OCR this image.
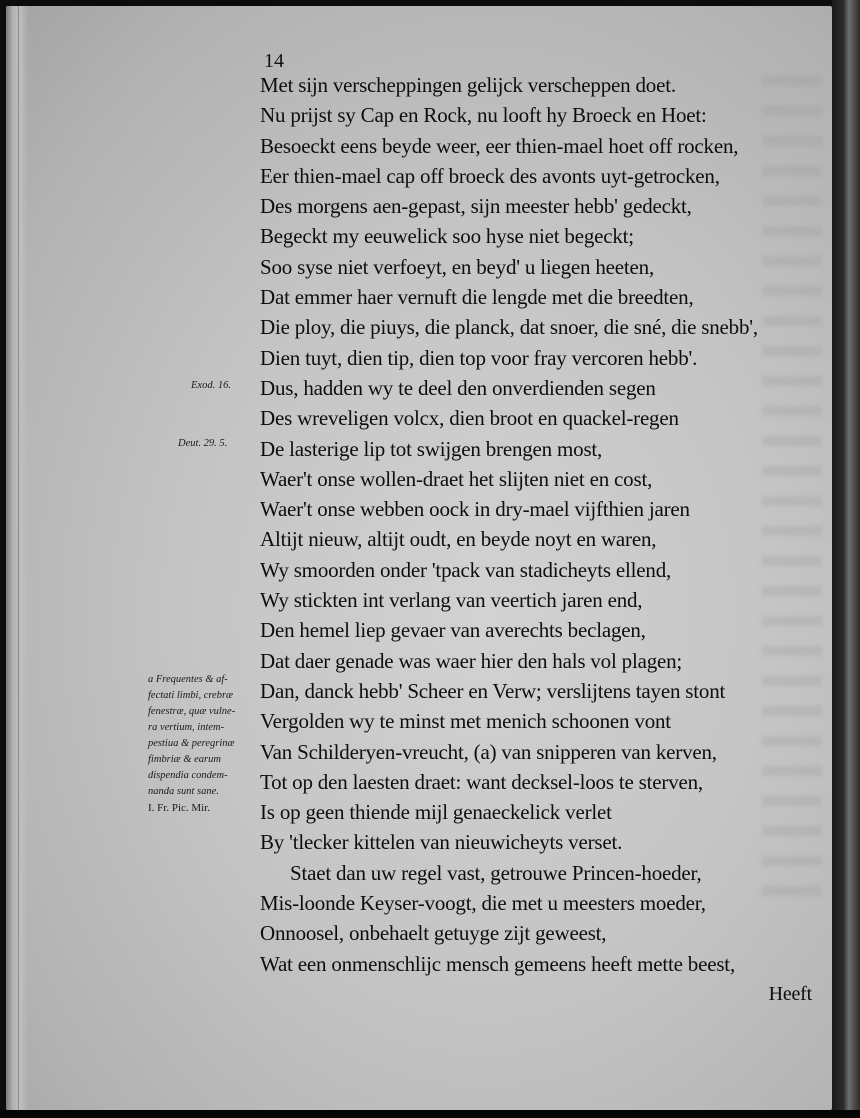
14
Met sijn verscheppingen gelijck verscheppen doet.
Nu prijst sy Cap en Rock, nu looft hy Broeck en Hoet:
Besoeckt eens beyde weer, eer thien-mael hoet off rocken,
Eer thien-mael cap off broeck des avonts uyt-getrocken,
Des morgens aen-gepast, sijn meester hebb' gedeckt,
Begeckt my eeuwelick soo hyse niet begeckt;
Soo syse niet verfoeyt, en beyd' u liegen heeten,
Dat emmer haer vernuft die lengde met die breedten,
Die ploy, die piuys, die planck, dat snoer, die sné, die snebb',
Dien tuyt, dien tip, dien top voor fray vercoren hebb'.
Dus, hadden wy te deel den onverdienden segen
Des wreveligen volcx, dien broot en quackel-regen
De lasterige lip tot swijgen brengen most,
Waer't onse wollen-draet het slijten niet en cost,
Waer't onse webben oock in dry-mael vijfthien jaren
Altijt nieuw, altijt oudt, en beyde noyt en waren,
Wy smoorden onder 'tpack van stadicheyts ellend,
Wy stickten int verlang van veertich jaren end,
Den hemel liep gevaer van averechts beclagen,
Dat daer genade was waer hier den hals vol plagen;
Dan, danck hebb' Scheer en Verw; verslijtens tayen stont
Vergolden wy te minst met menich schoonen vont
Van Schilderyen-vreucht, (a) van snipperen van kerven,
Tot op den laesten draet: want decksel-loos te sterven,
Is op geen thiende mijl genaeckelick verlet
By 'tlecker kittelen van nieuwicheyts verset.
Staet dan uw regel vast, getrouwe Princen-hoeder,
Mis-loonde Keyser-voogt, die met u meesters moeder,
Onnoosel, onbehaelt getuyge zijt geweest,
Wat een onmenschlijc mensch gemeens heeft mette beest,
Heeft
Exod. 16.
Deut. 29. 5.
a Frequentes & af-
fectati limbi, crebræ
fenestræ, quæ vulne-
ra vertium, intem-
pestiua & peregrinæ
fimbriæ & earum
dispendia condem-
nanda sunt sane.
I. Fr. Pic. Mir.
